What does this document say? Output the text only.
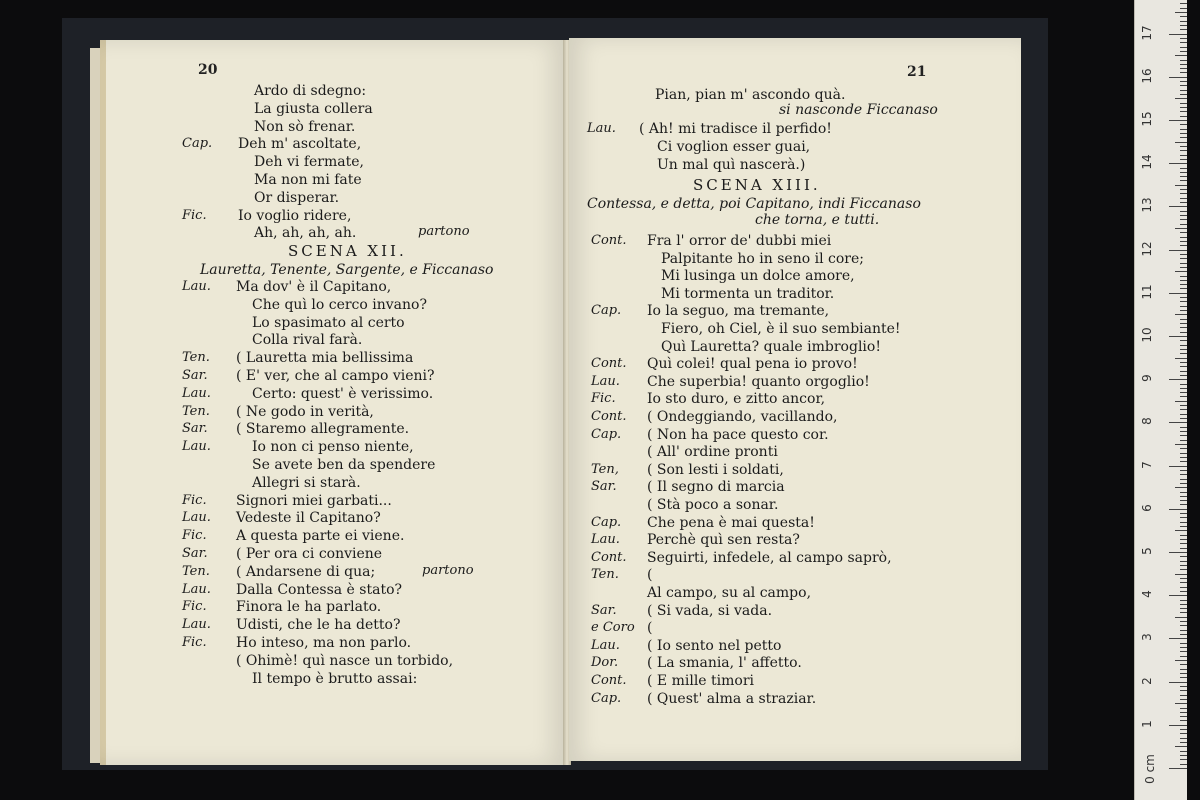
20
Ardo di sdegno:
La giusta collera
Non sò frenar.
Cap. Deh m' ascoltate,
Deh vi fermate,
Ma non mi fate
Or disperar.
Fic. Io voglio ridere,
Ah, ah, ah, ah.	partono
SCENA XII.
Lauretta, Tenente, Sargente, e Ficcanaso
Lau. Ma dov' è il Capitano,
Che quì lo cerco invano?
Lo spasimato al certo
Colla rival farà.
Ten. ( Lauretta mia bellissima
Sar. ( E' ver, che al campo vieni?
Lau.	Certo: quest' è verissimo.
Ten. ( Ne godo in verità,
Sar. ( Staremo allegramente.
Lau.	Io non ci penso niente,
Se avete ben da spendere
Allegri si starà.
Fic. Signori miei garbati...
Lau. Vedeste il Capitano?
Fic. A questa parte ei viene.
Sar. ( Per ora ci conviene
Ten. ( Andarsene di qua;	partono
Lau. Dalla Contessa è stato?
Fic. Finora le ha parlato.
Lau. Udisti, che le ha detto?
Fic. Ho inteso, ma non parlo.
( Ohimè! quì nasce un torbido,
Il tempo è brutto assai:
21
Pian, pian m' ascondo quà.
si nasconde Ficcanaso
Lau. ( Ah! mi tradisce il perfido!
Ci voglion esser guai,
Un mal quì nascerà.)
SCENA XIII.
Contessa, e detta, poi Capitano, indi Ficcanaso
che torna, e tutti.
Cont. Fra l' orror de' dubbi miei
Palpitante ho in seno il core;
Mi lusinga un dolce amore,
Mi tormenta un traditor.
Cap. Io la seguo, ma tremante,
Fiero, oh Ciel, è il suo sembiante!
Quì Lauretta? quale imbroglio!
Cont. Quì colei! qual pena io provo!
Lau. Che superbia! quanto orgoglio!
Fic. Io sto duro, e zitto ancor,
Cont. ( Ondeggiando, vacillando,
Cap. ( Non ha pace questo cor.
( All' ordine pronti
Ten, ( Son lesti i soldati,
Sar. ( Il segno di marcia
( Stà poco a sonar.
Cap. Che pena è mai questa!
Lau. Perchè quì sen resta?
Cont. Seguirti, infedele, al campo saprò,
Ten. (
Al campo, su al campo,
Sar. ( Si vada, si vada.
e Coro (
Lau. ( Io sento nel petto
Dor. ( La smania, l' affetto.
Cont. ( E mille timori
Cap. ( Quest' alma a straziar.
0 cm
1
2
3
4
5
6
7
8
9
10
11
12
13
14
15
16
17
